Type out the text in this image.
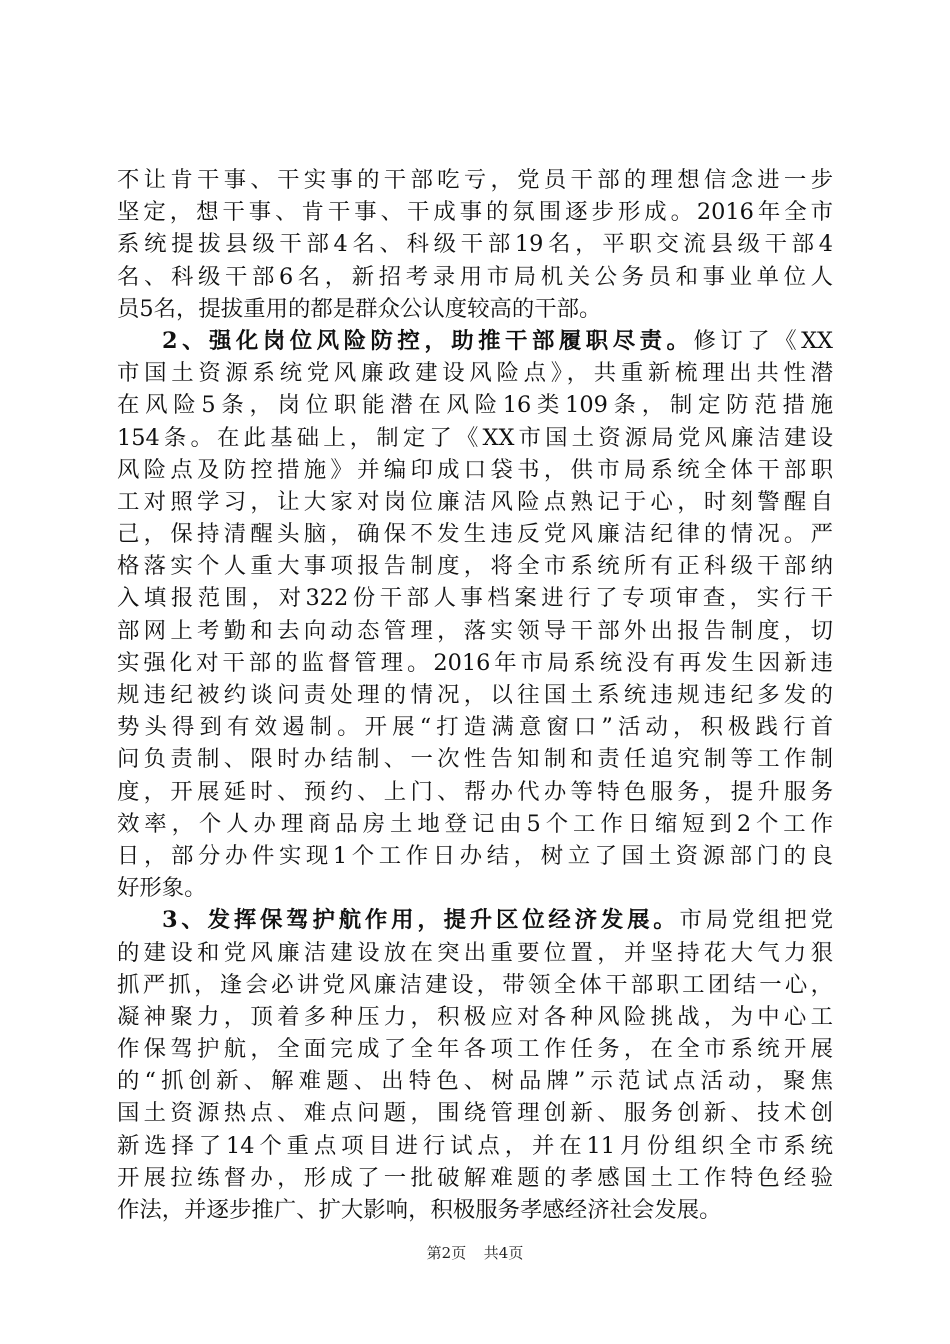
不让肯干事、干实事的干部吃亏，党员干部的理想信念进一步
坚定，想干事、肯干事、干成事的氛围逐步形成。2016年全市
系统提拔县级干部4名、科级干部19名，平职交流县级干部4
名、科级干部6名，新招考录用市局机关公务员和事业单位人
员5名，提拔重用的都是群众公认度较高的干部。
2、强化岗位风险防控，助推干部履职尽责。修订了《XX
市国土资源系统党风廉政建设风险点》，共重新梳理出共性潜
在风险5条，岗位职能潜在风险16类109条，制定防范措施
154条。在此基础上，制定了《XX市国土资源局党风廉洁建设
风险点及防控措施》并编印成口袋书，供市局系统全体干部职
工对照学习，让大家对岗位廉洁风险点熟记于心，时刻警醒自
己，保持清醒头脑，确保不发生违反党风廉洁纪律的情况。严
格落实个人重大事项报告制度，将全市系统所有正科级干部纳
入填报范围，对322份干部人事档案进行了专项审查，实行干
部网上考勤和去向动态管理，落实领导干部外出报告制度，切
实强化对干部的监督管理。2016年市局系统没有再发生因新违
规违纪被约谈问责处理的情况，以往国土系统违规违纪多发的
势头得到有效遏制。开展“打造满意窗口”活动，积极践行首
问负责制、限时办结制、一次性告知制和责任追究制等工作制
度，开展延时、预约、上门、帮办代办等特色服务，提升服务
效率，个人办理商品房土地登记由5个工作日缩短到2个工作
日，部分办件实现1个工作日办结，树立了国土资源部门的良
好形象。
3、发挥保驾护航作用，提升区位经济发展。市局党组把党
的建设和党风廉洁建设放在突出重要位置，并坚持花大气力狠
抓严抓，逢会必讲党风廉洁建设，带领全体干部职工团结一心，
凝神聚力，顶着多种压力，积极应对各种风险挑战，为中心工
作保驾护航，全面完成了全年各项工作任务，在全市系统开展
的“抓创新、解难题、出特色、树品牌”示范试点活动，聚焦
国土资源热点、难点问题，围绕管理创新、服务创新、技术创
新选择了14个重点项目进行试点，并在11月份组织全市系统
开展拉练督办，形成了一批破解难题的孝感国土工作特色经验
作法，并逐步推广、扩大影响，积极服务孝感经济社会发展。
第2页 共4页
